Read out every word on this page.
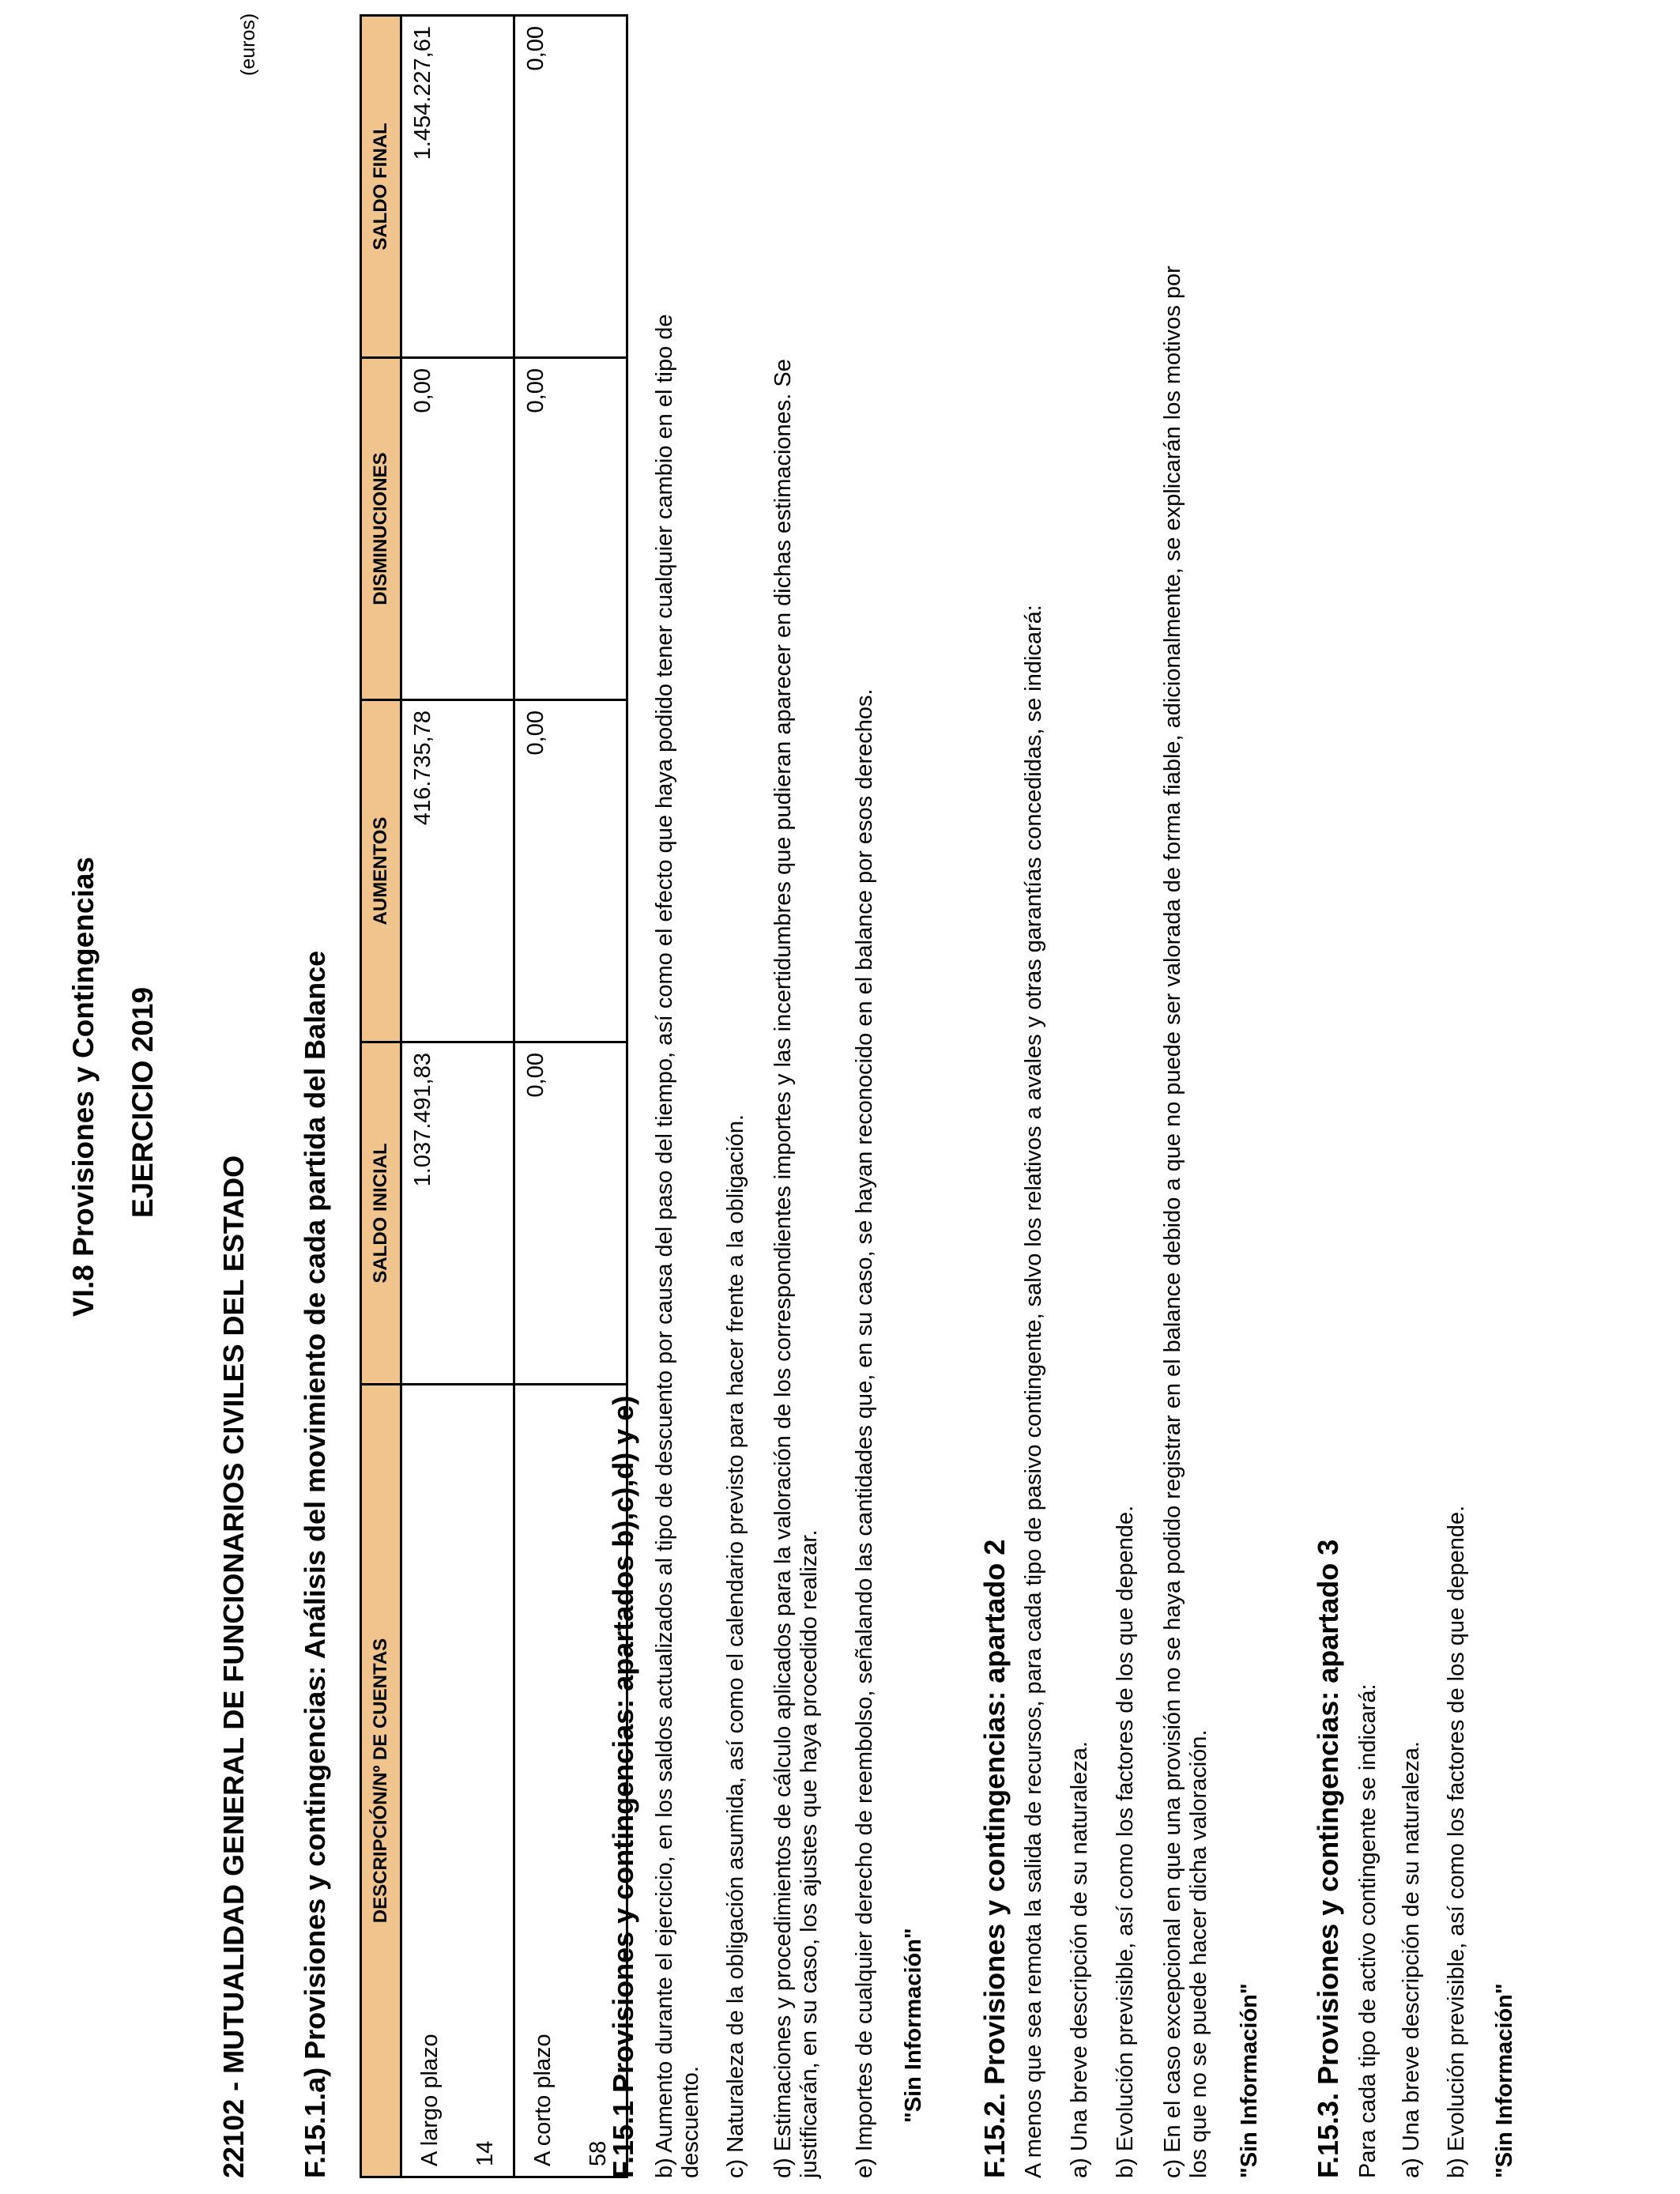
VI.8 Provisiones y Contingencias EJERCICIO 2019
22102 - MUTUALIDAD GENERAL DE FUNCIONARIOS CIVILES DEL ESTADO
(euros)
F.15.1.a) Provisiones y contingencias: Análisis del movimiento de cada partida del Balance DESCRIPCIÓN/Nº DE CUENTAS	SALDO INICIAL	AUMENTOS	DISMINUCIONES	SALDO FINAL

A largo plazo 14	1.037.491,83	416.735,78	0,00	1.454.227,61

A corto plazo 58	0,00	0,00	0,00	0,00
F.15.1 Provisiones y contingencias: apartados b),c),d) y e) b) Aumento durante el ejercicio, en los saldos actualizados al tipo de descuento por causa del paso del tiempo, así como el efecto que haya podido tener cualquier cambio en el tipo de descuento. c) Naturaleza de la obligación asumida, así como el calendario previsto para hacer frente a la obligación. d) Estimaciones y procedimientos de cálculo aplicados para la valoración de los correspondientes importes y las incertidumbres que pudieran aparecer en dichas estimaciones. Se justificarán, en su caso, los ajustes que haya procedido realizar. e) Importes de cualquier derecho de reembolso, señalando las cantidades que, en su caso, se hayan reconocido en el balance por esos derechos. "Sin Información" F.15.2. Provisiones y contingencias: apartado 2 A menos que sea remota la salida de recursos, para cada tipo de pasivo contingente, salvo los relativos a avales y otras garantías concedidas, se indicará: a) Una breve descripción de su naturaleza. b) Evolución previsible, así como los factores de los que depende. c) En el caso excepcional en que una provisión no se haya podido registrar en el balance debido a que no puede ser valorada de forma fiable, adicionalmente, se explicarán los motivos por los que no se puede hacer dicha valoración. "Sin Información" F.15.3. Provisiones y contingencias: apartado 3 Para cada tipo de activo contingente se indicará: a) Una breve descripción de su naturaleza. b) Evolución previsible, así como los factores de los que depende. "Sin Información"
